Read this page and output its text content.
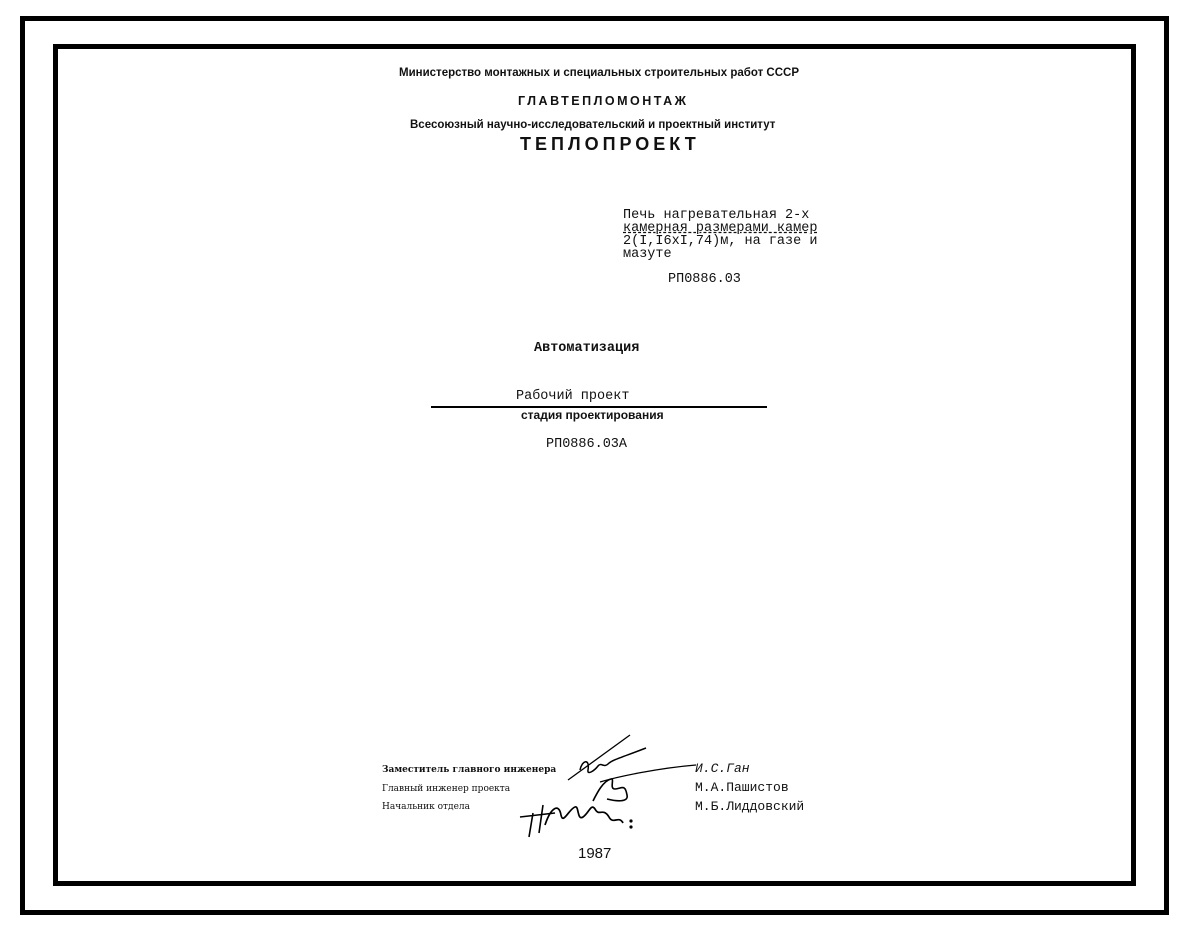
Министерство монтажных и специальных строительных работ СССР
ГЛАВТЕПЛОМОНТАЖ
Всесоюзный научно-исследовательский и проектный институт
ТЕПЛОПРОЕКТ
Печь нагревательная 2-х
камерная размерами камер
2(I,I6хI,74)м, на газе и
мазуте
РП0886.03
Автоматизация
Рабочий проект
стадия проектирования
РП0886.03А
Заместитель главного инженера
Главный инженер проекта
Начальник отдела
И.С.Ган
М.А.Пашистов
М.Б.Лиддовский
1987
